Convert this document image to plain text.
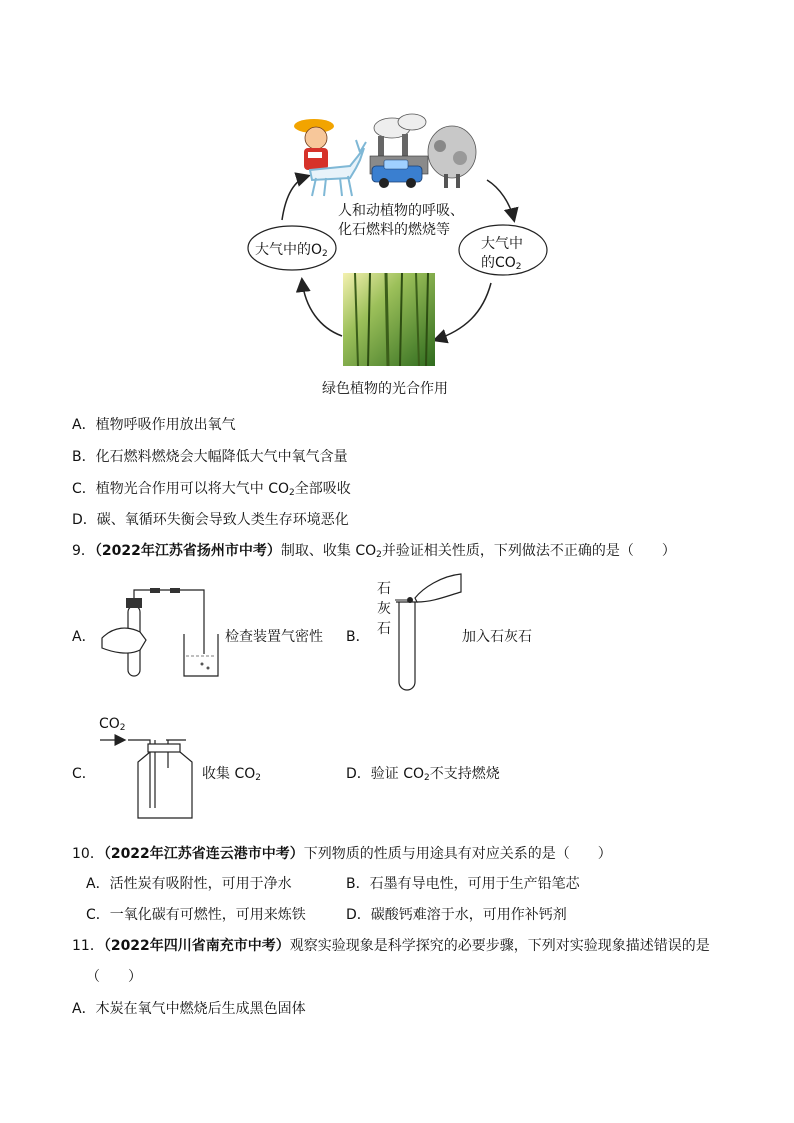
人和动植物的呼吸、
化石燃料的燃烧等
大气中的$O_2$
大气中
的$CO_2$
绿色植物的光合作用
A．植物呼吸作用放出氧气
B．化石燃料燃烧会大幅降低大气中氧气含量
C．植物光合作用可以将大气中 $CO_2$全部吸收
D．碳、氧循环失衡会导致人类生存环境恶化
9．（2022年江苏省扬州市中考）制取、收集 $CO_2$并验证相关性质，下列做法不正确的是（　　）
A．	检查装置气密性 B．
石
灰
石	加入石灰石
C．
$CO_2$
收集 $CO_2$	D．验证 $CO_2$不支持燃烧
10．（2022年江苏省连云港市中考）下列物质的性质与用途具有对应关系的是（　　）
A．活性炭有吸附性，可用于净水	B．石墨有导电性，可用于生产铅笔芯
C．一氧化碳有可燃性，可用来炼铁	D．碳酸钙难溶于水，可用作补钙剂
11．（2022年四川省南充市中考）观察实验现象是科学探究的必要步骤，下列对实验现象描述错误的是
（　　）
A．木炭在氧气中燃烧后生成黑色固体
